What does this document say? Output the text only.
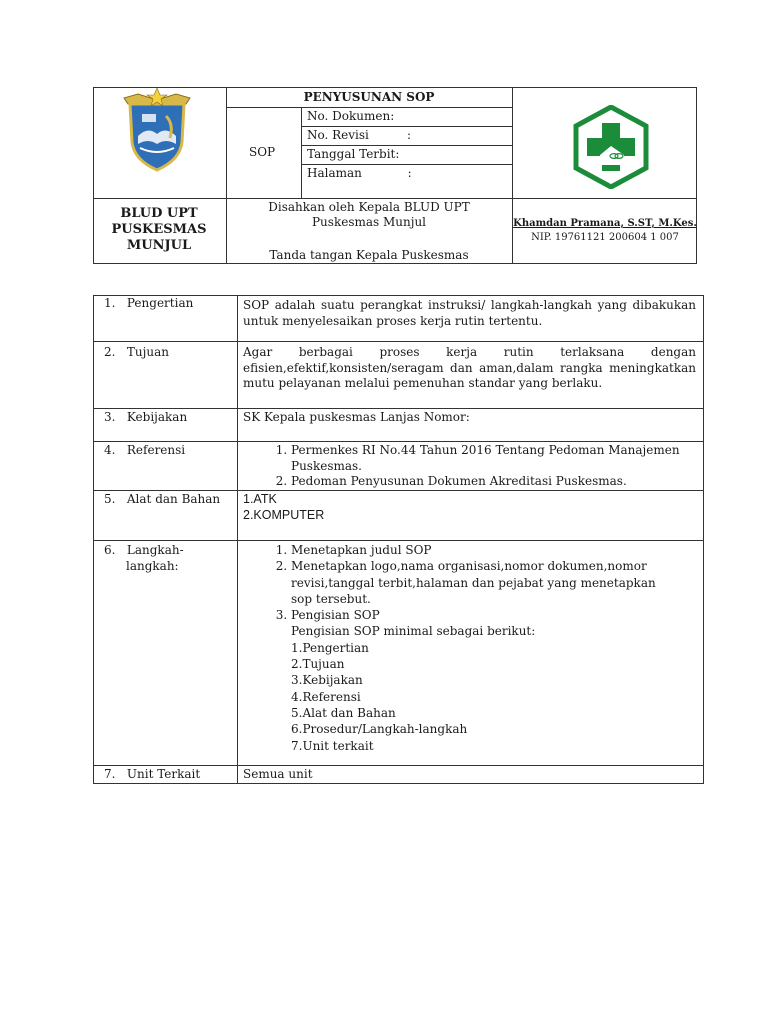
PENYUSUNAN SOP
SOP
No. Dokumen:
No. Revisi          :
Tanggal Terbit:
Halaman            :
BLUD UPT PUSKESMAS MUNJUL
Disahkan oleh Kepala BLUD UPT
Puskesmas Munjul
Tanda tangan Kepala Puskesmas
Khamdan Pramana, S.ST, M.Kes.
NIP. 19761121 200604 1 007
1.   Pengertian	SOP adalah suatu perangkat instruksi/ langkah-langkah yang dibakukan untuk menyelesaikan proses kerja rutin tertentu.
2.   Tujuan	Agar berbagai proses kerja rutin terlaksana dengan efisien,efektif,konsisten/seragam dan aman,dalam rangka meningkatkan mutu pelayanan melalui pemenuhan standar yang berlaku.
3.   Kebijakan	SK Kepala puskesmas Lanjas Nomor:
4.   Referensi
1.	Permenkes RI No.44 Tahun 2016 Tentang Pedoman Manajemen Puskesmas.
2. Pedoman Penyusunan Dokumen Akreditasi Puskesmas.
5.   Alat dan Bahan 1.ATK
2.KOMPUTER
6.   Langkah-
langkah:
1. Menetapkan judul SOP
2. Menetapkan logo,nama organisasi,nomor dokumen,nomor revisi,tanggal terbit,halaman dan pejabat yang menetapkan sop tersebut.
3. Pengisian SOP
Pengisian SOP minimal sebagai berikut:
1.Pengertian
2.Tujuan
3.Kebijakan
4.Referensi
5.Alat dan Bahan
6.Prosedur/Langkah-langkah
7.Unit terkait
7.   Unit Terkait	Semua unit
